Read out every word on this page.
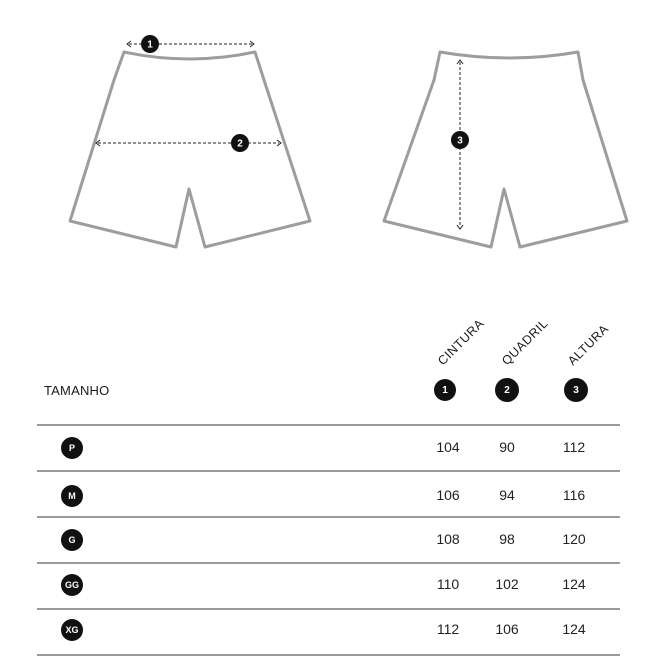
1
2	3
CINTURA QUADRIL ALTURA
TAMANHO	1	2	3
P	104	90	112
M	106	94	116
G	108	98	120
GG	110	102	124
XG	112	106	124
